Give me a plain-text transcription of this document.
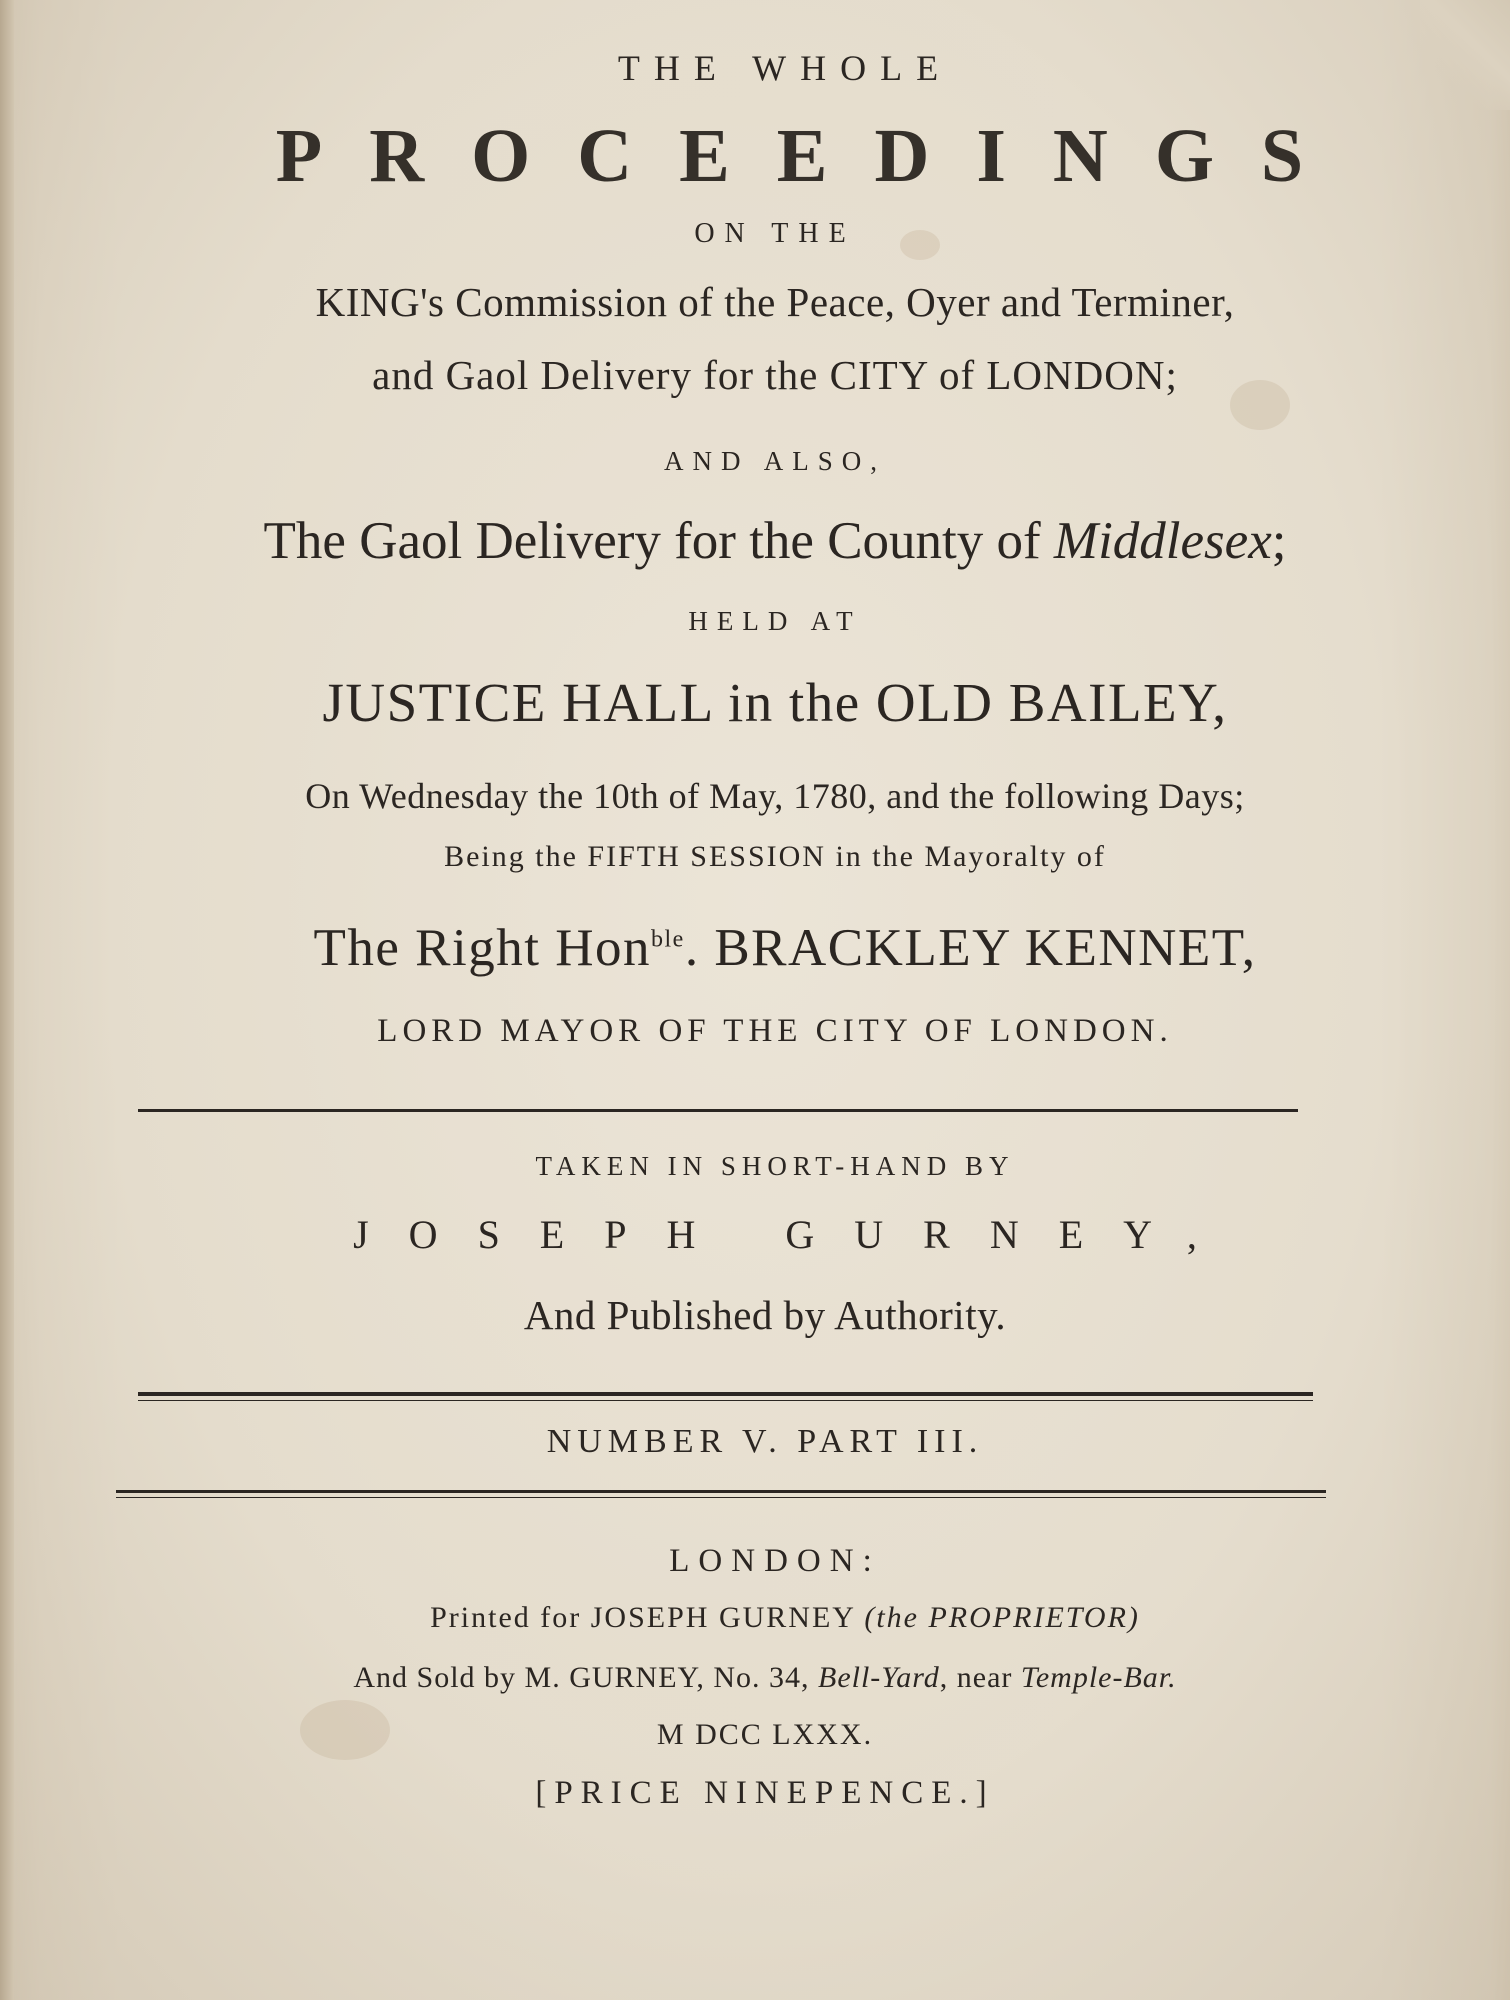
THE WHOLE
PROCEEDINGS
ON THE
KING's Commission of the Peace, Oyer and Terminer,
and Gaol Delivery for the CITY of LONDON;
AND ALSO,
The Gaol Delivery for the County of Middlesex;
HELD AT
JUSTICE HALL in the OLD BAILEY,
On Wednesday the 10th of May, 1780, and the following Days;
Being the FIFTH SESSION in the Mayoralty of
The Right Hon$^{ble}$. BRACKLEY KENNET,
LORD MAYOR OF THE CITY OF LONDON.
TAKEN IN SHORT-HAND BY
JOSEPH GURNEY,
And Published by Authority.
NUMBER V. PART III.
LONDON:
Printed for JOSEPH GURNEY (the PROPRIETOR)
And Sold by M. GURNEY, No. 34, Bell-Yard, near Temple-Bar.
M DCC LXXX.
[PRICE NINEPENCE.]
